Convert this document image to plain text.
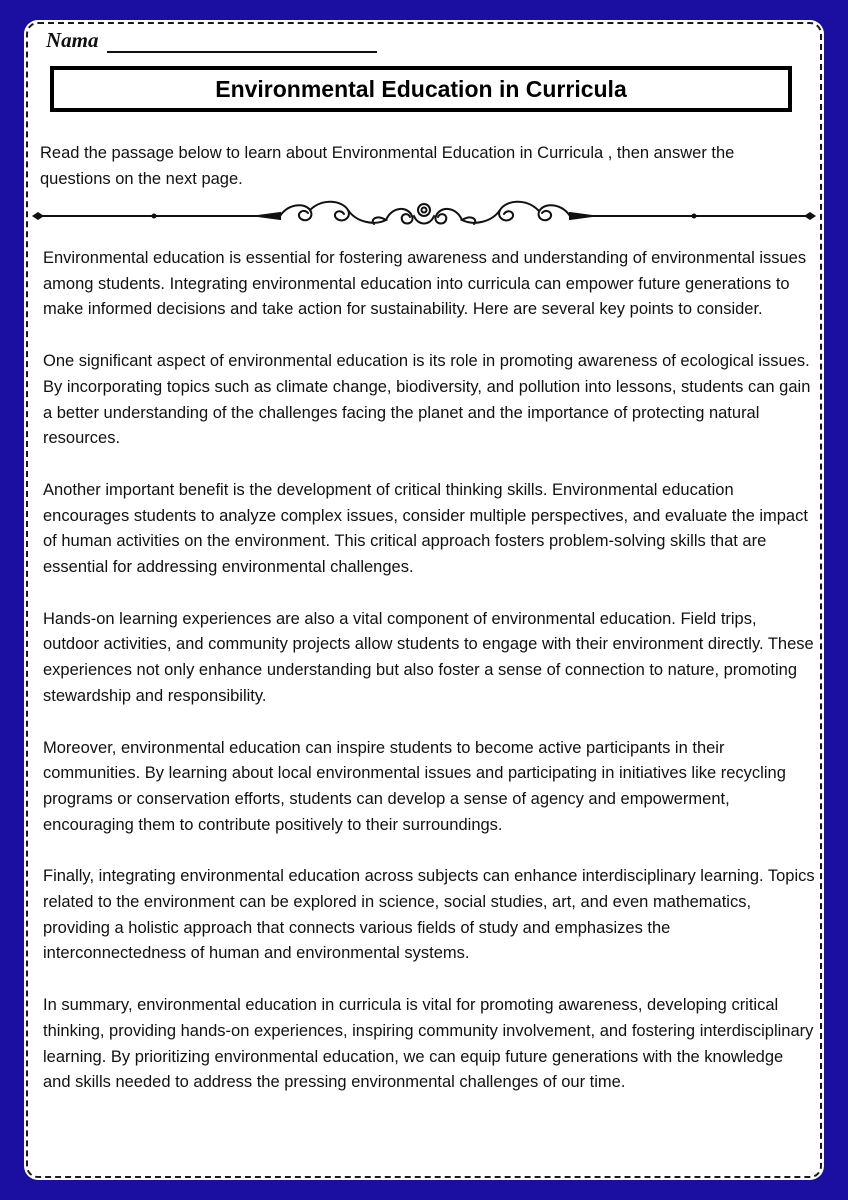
Nama
Environmental Education in Curricula

Read the passage below to learn about Environmental Education in Curricula , then answer the questions on the next page.

Environmental education is essential for fostering awareness and understanding of environmental issues among students. Integrating environmental education into curricula can empower future generations to make informed decisions and take action for sustainability. Here are several key points to consider.

One significant aspect of environmental education is its role in promoting awareness of ecological issues. By incorporating topics such as climate change, biodiversity, and pollution into lessons, students can gain a better understanding of the challenges facing the planet and the importance of protecting natural resources.

Another important benefit is the development of critical thinking skills. Environmental education encourages students to analyze complex issues, consider multiple perspectives, and evaluate the impact of human activities on the environment. This critical approach fosters problem-solving skills that are essential for addressing environmental challenges.

Hands-on learning experiences are also a vital component of environmental education. Field trips, outdoor activities, and community projects allow students to engage with their environment directly. These experiences not only enhance understanding but also foster a sense of connection to nature, promoting stewardship and responsibility.

Moreover, environmental education can inspire students to become active participants in their communities. By learning about local environmental issues and participating in initiatives like recycling programs or conservation efforts, students can develop a sense of agency and empowerment, encouraging them to contribute positively to their surroundings.

Finally, integrating environmental education across subjects can enhance interdisciplinary learning. Topics related to the environment can be explored in science, social studies, art, and even mathematics, providing a holistic approach that connects various fields of study and emphasizes the interconnectedness of human and environmental systems.

In summary, environmental education in curricula is vital for promoting awareness, developing critical thinking, providing hands-on experiences, inspiring community involvement, and fostering interdisciplinary learning. By prioritizing environmental education, we can equip future generations with the knowledge and skills needed to address the pressing environmental challenges of our time.
